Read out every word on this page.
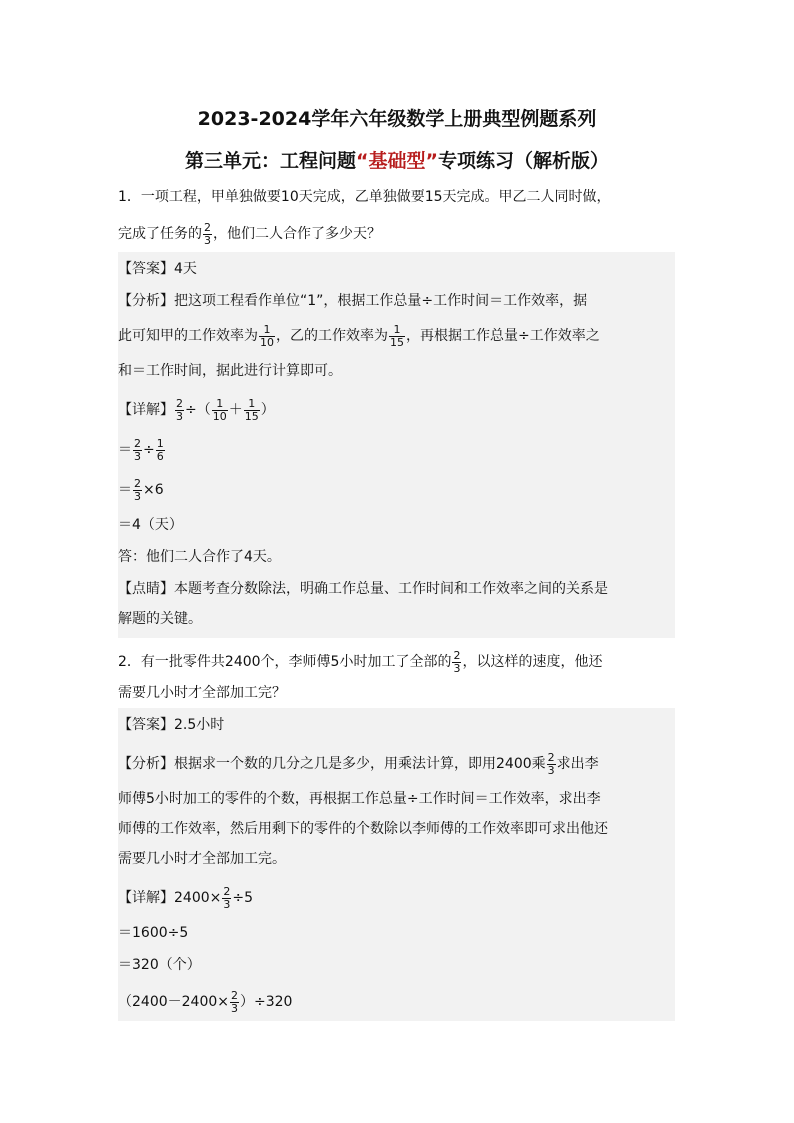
2023-2024学年六年级数学上册典型例题系列
第三单元：工程问题“基础型”专项练习（解析版）
1．一项工程，甲单独做要10天完成，乙单独做要15天完成。甲乙二人同时做，
完成了任务的 $\frac{2}{3}$ ，他们二人合作了多少天？
【答案】4天
【分析】把这项工程看作单位“1”，根据工作总量÷工作时间＝工作效率，据
此可知甲的工作效率为 $\frac{1}{10}$ ，乙的工作效率为 $\frac{1}{15}$ ，再根据工作总量÷工作效率之
和＝工作时间，据此进行计算即可。
【详解】 $\frac{2}{3}$ ÷（ $\frac{1}{10} + \frac{1}{15}$ ）
＝ $\frac{2}{3} \div \frac{1}{6}$
＝ $\frac{2}{3} \times 6$
＝4（天）
答：他们二人合作了4天。
【点睛】本题考查分数除法，明确工作总量、工作时间和工作效率之间的关系是
解题的关键。
2．有一批零件共2400个，李师傅5小时加工了全部的 $\frac{2}{3}$ ，以这样的速度，他还
需要几小时才全部加工完？
【答案】2.5小时
【分析】根据求一个数的几分之几是多少，用乘法计算，即用2400乘 $\frac{2}{3}$ 求出李
师傅5小时加工的零件的个数，再根据工作总量÷工作时间＝工作效率，求出李
师傅的工作效率，然后用剩下的零件的个数除以李师傅的工作效率即可求出他还
需要几小时才全部加工完。
【详解】$2400\times \frac{2}{3} \div 5$
＝1600÷5
＝320（个）
$(2400-2400\times \frac{2}{3} )\div 320$
